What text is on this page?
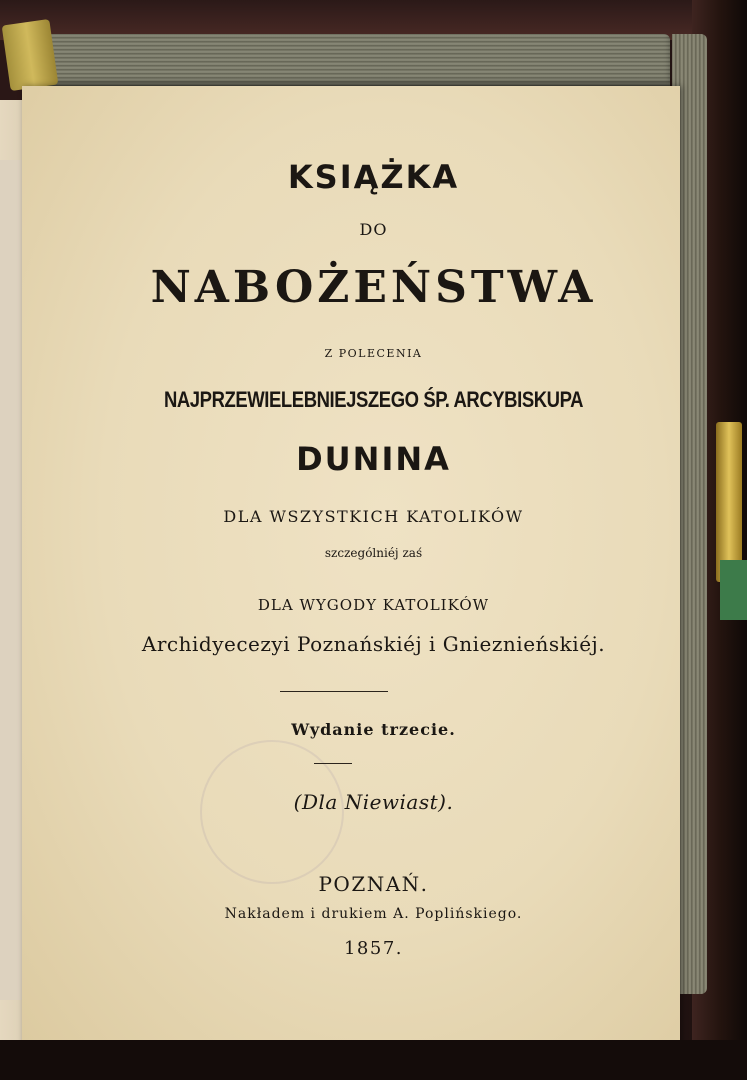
KSIĄŻKA
DO
NABOŻEŃSTWA
Z POLECENIA
NAJPRZEWIELEBNIEJSZEGO ŚP. ARCYBISKUPA
DUNINA
DLA WSZYSTKICH KATOLIKÓW
szczególniéj zaś
DLA WYGODY KATOLIKÓW
Archidyecezyi Poznańskiéj i Gnieznieńskiéj.
Wydanie trzecie.
(Dla Niewiast).
POZNAŃ.
Nakładem i drukiem A. Poplińskiego.
1857.
